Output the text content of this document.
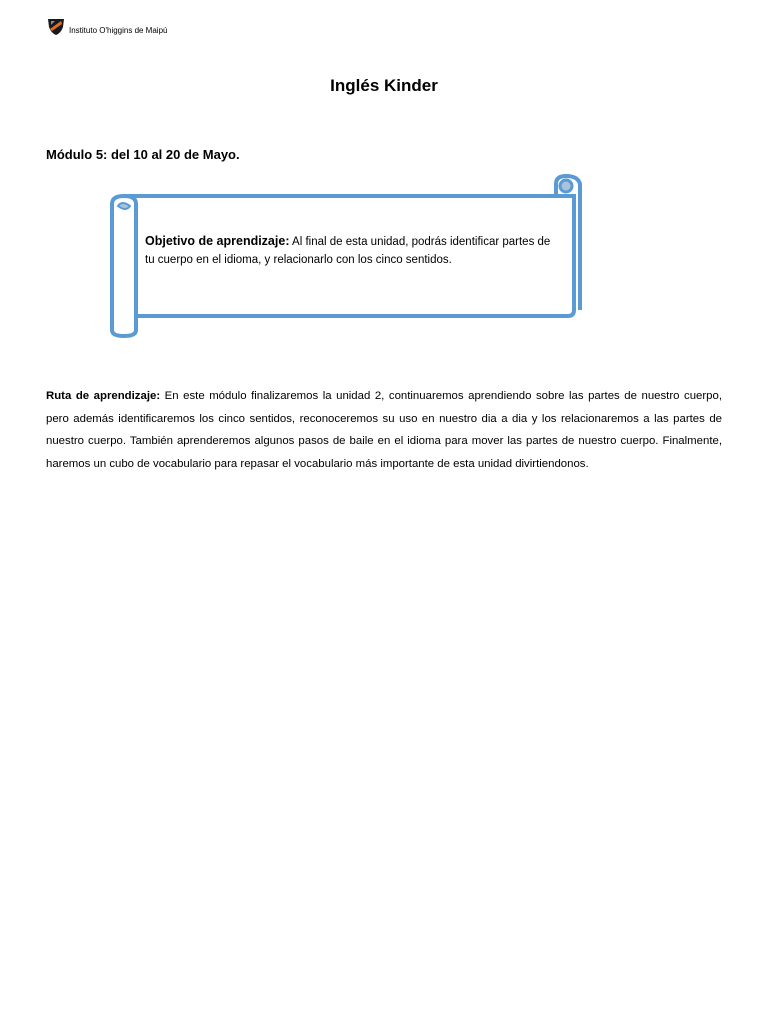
Instituto O'higgins de Maipú
Inglés Kinder
Módulo 5: del 10 al 20 de Mayo.
Objetivo de aprendizaje: Al final de esta unidad, podrás identificar partes de tu cuerpo en el idioma, y relacionarlo con los cinco sentidos.
Ruta de aprendizaje: En este módulo finalizaremos la unidad 2, continuaremos aprendiendo sobre las partes de nuestro cuerpo, pero además identificaremos los cinco sentidos, reconoceremos su uso en nuestro dia a dia y los relacionaremos a las partes de nuestro cuerpo. También aprenderemos algunos pasos de baile en el idioma para mover las partes de nuestro cuerpo. Finalmente, haremos un cubo de vocabulario para repasar el vocabulario más importante de esta unidad divirtiendonos.
